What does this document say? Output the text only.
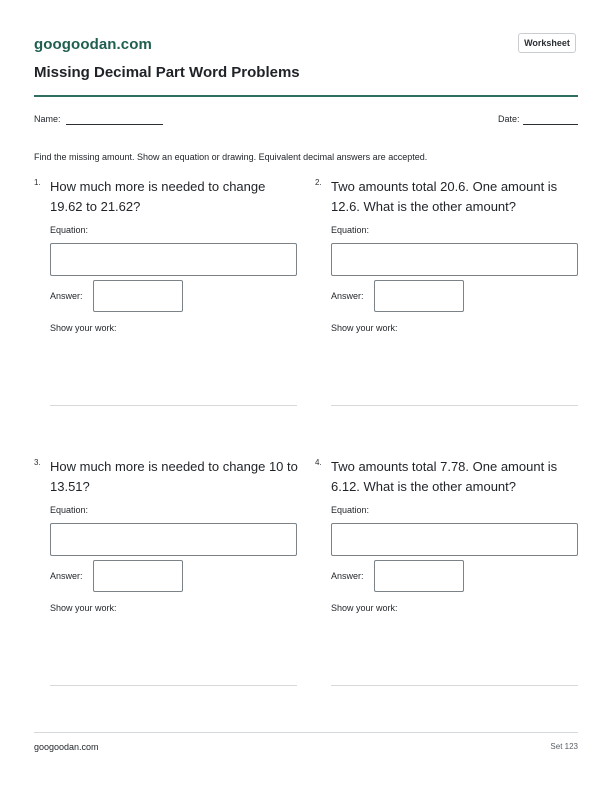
googoodan.com	Worksheet
Missing Decimal Part Word Problems
Name:	Date:
Find the missing amount. Show an equation or drawing. Equivalent decimal answers are accepted.
1. How much more is needed to change 19.62 to 21.62?
Equation:
Answer:
Show your work:
2. Two amounts total 20.6. One amount is 12.6. What is the other amount?
Equation:
Answer:
Show your work:
3. How much more is needed to change 10 to 13.51?
Equation:
Answer:
Show your work:
4. Two amounts total 7.78. One amount is 6.12. What is the other amount?
Equation:
Answer:
Show your work:
googoodan.com	Set 123
